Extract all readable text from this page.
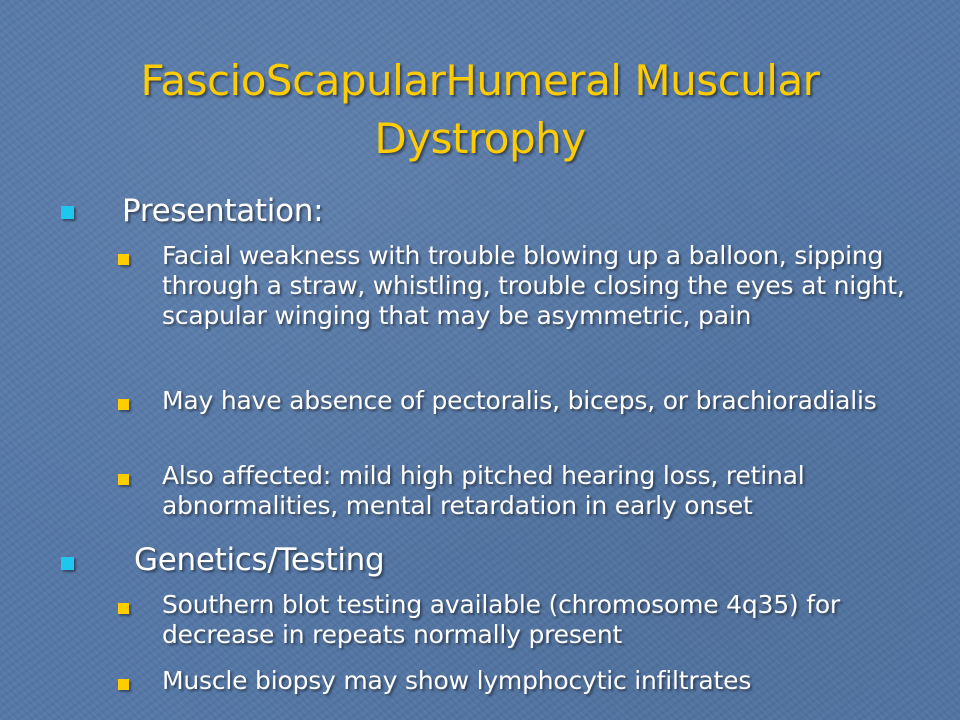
FascioScapularHumeral Muscular Dystrophy
Presentation:
Facial weakness with trouble blowing up a balloon, sipping through a straw, whistling, trouble closing the eyes at night, scapular winging that may be asymmetric, pain
May have absence of pectoralis, biceps, or brachioradialis
Also affected: mild high pitched hearing loss, retinal abnormalities, mental retardation in early onset
Genetics/Testing
Southern blot testing available (chromosome 4q35) for decrease in repeats normally present
Muscle biopsy may show lymphocytic infiltrates
